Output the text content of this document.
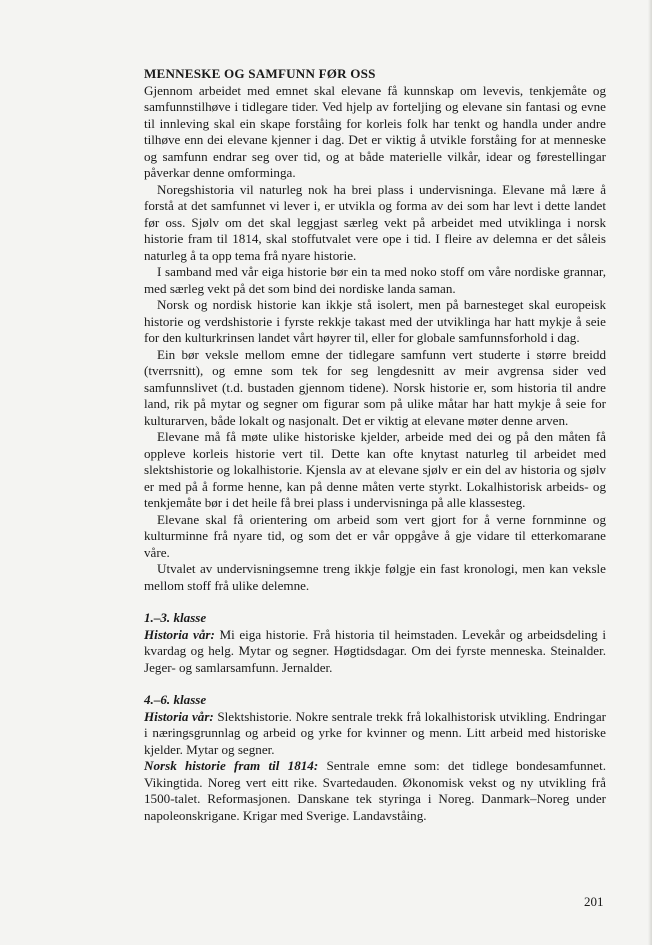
MENNESKE OG SAMFUNN FØR OSS

Gjennom arbeidet med emnet skal elevane få kunnskap om levevis, tenkjemåte og samfunnstilhøve i tidlegare tider. Ved hjelp av forteljing og elevane sin fantasi og evne til innleving skal ein skape forståing for korleis folk har tenkt og handla under andre tilhøve enn dei elevane kjenner i dag. Det er viktig å utvikle forståing for at menneske og samfunn endrar seg over tid, og at både materielle vilkår, idear og førestellingar påverkar denne omforminga.

Noregshistoria vil naturleg nok ha brei plass i undervisninga. Elevane må lære å forstå at det samfunnet vi lever i, er utvikla og forma av dei som har levt i dette landet før oss. Sjølv om det skal leggjast særleg vekt på arbeidet med utviklinga i norsk historie fram til 1814, skal stoffutvalet vere ope i tid. I fleire av delemna er det såleis naturleg å ta opp tema frå nyare historie.

I samband med vår eiga historie bør ein ta med noko stoff om våre nordiske grannar, med særleg vekt på det som bind dei nordiske landa saman.

Norsk og nordisk historie kan ikkje stå isolert, men på barnesteget skal europeisk historie og verdshistorie i fyrste rekkje takast med der utviklinga har hatt mykje å seie for den kulturkrinsen landet vårt høyrer til, eller for globale samfunnsforhold i dag.

Ein bør veksle mellom emne der tidlegare samfunn vert studerte i større breidd (tverrsnitt), og emne som tek for seg lengdesnitt av meir avgrensa sider ved samfunnslivet (t.d. bustaden gjennom tidene). Norsk historie er, som historia til andre land, rik på mytar og segner om figurar som på ulike måtar har hatt mykje å seie for kulturarven, både lokalt og nasjonalt. Det er viktig at elevane møter denne arven.

Elevane må få møte ulike historiske kjelder, arbeide med dei og på den måten få oppleve korleis historie vert til. Dette kan ofte knytast naturleg til arbeidet med slektshistorie og lokalhistorie. Kjensla av at elevane sjølv er ein del av historia og sjølv er med på å forme henne, kan på denne måten verte styrkt. Lokalhistorisk arbeids- og tenkjemåte bør i det heile få brei plass i undervisninga på alle klassesteg.

Elevane skal få orientering om arbeid som vert gjort for å verne fornminne og kulturminne frå nyare tid, og som det er vår oppgåve å gje vidare til etterkomarane våre.

Utvalet av undervisningsemne treng ikkje følgje ein fast kronologi, men kan veksle mellom stoff frå ulike delemne.

1.–3. klasse

Historia vår: Mi eiga historie. Frå historia til heimstaden. Levekår og arbeidsdeling i kvardag og helg. Mytar og segner. Høgtidsdagar. Om dei fyrste menneska. Steinalder. Jeger- og samlarsamfunn. Jernalder.

4.–6. klasse

Historia vår: Slektshistorie. Nokre sentrale trekk frå lokalhistorisk utvikling. Endringar i næringsgrunnlag og arbeid og yrke for kvinner og menn. Litt arbeid med historiske kjelder. Mytar og segner.

Norsk historie fram til 1814: Sentrale emne som: det tidlege bondesamfunnet. Vikingtida. Noreg vert eitt rike. Svartedauden. Økonomisk vekst og ny utvikling frå 1500-talet. Reformasjonen. Danskane tek styringa i Noreg. Danmark–Noreg under napoleonskrigane. Krigar med Sverige. Landavståing.

201
